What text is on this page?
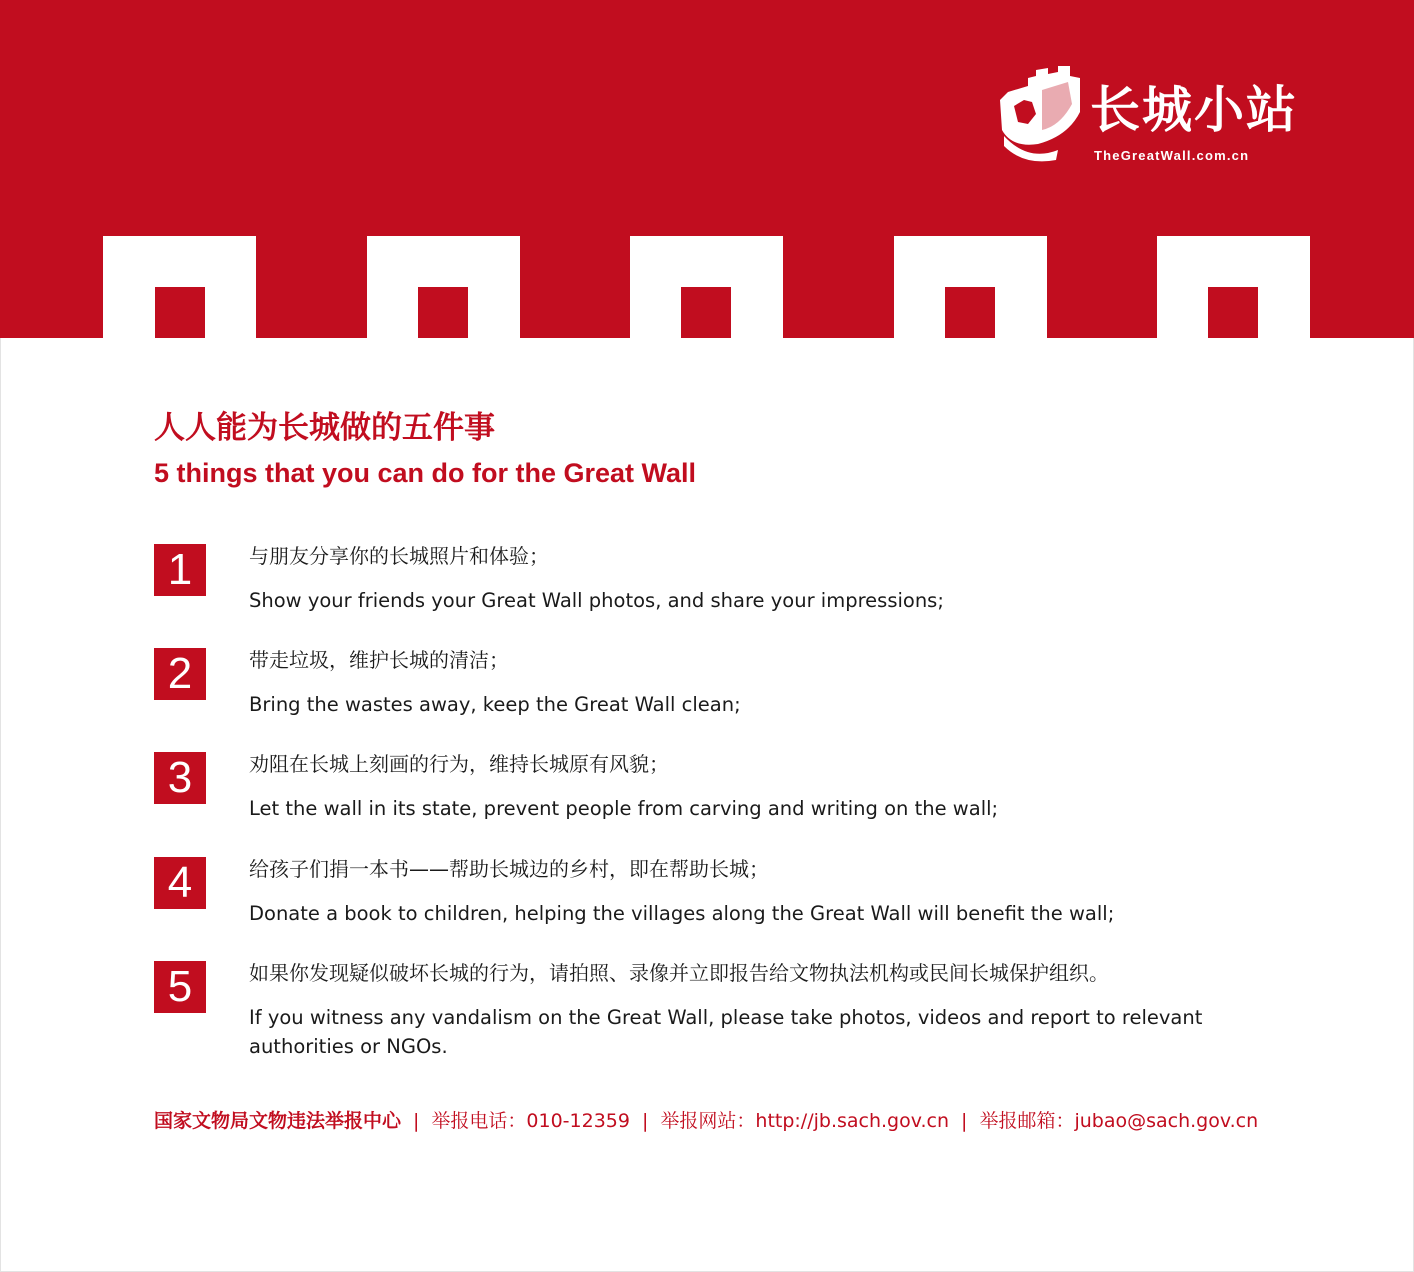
长城小站
TheGreatWall.com.cn
人人能为长城做的五件事
5 things that you can do for the Great Wall
1	与朋友分享你的长城照片和体验；
Show your friends your Great Wall photos, and share your impressions;
2	带走垃圾，维护长城的清洁；
Bring the wastes away, keep the Great Wall clean;
3	劝阻在长城上刻画的行为，维持长城原有风貌；
Let the wall in its state, prevent people from carving and writing on the wall;
4	给孩子们捐一本书——帮助长城边的乡村，即在帮助长城；
Donate a book to children, helping the villages along the Great Wall will benefit the wall;
5	如果你发现疑似破坏长城的行为，请拍照、录像并立即报告给文物执法机构或民间长城保护组织。
If you witness any vandalism on the Great Wall, please take photos, videos and report to relevant authorities or NGOs.
国家文物局文物违法举报中心 | 举报电话：010-12359 | 举报网站：http://jb.sach.gov.cn | 举报邮箱：jubao@sach.gov.cn
